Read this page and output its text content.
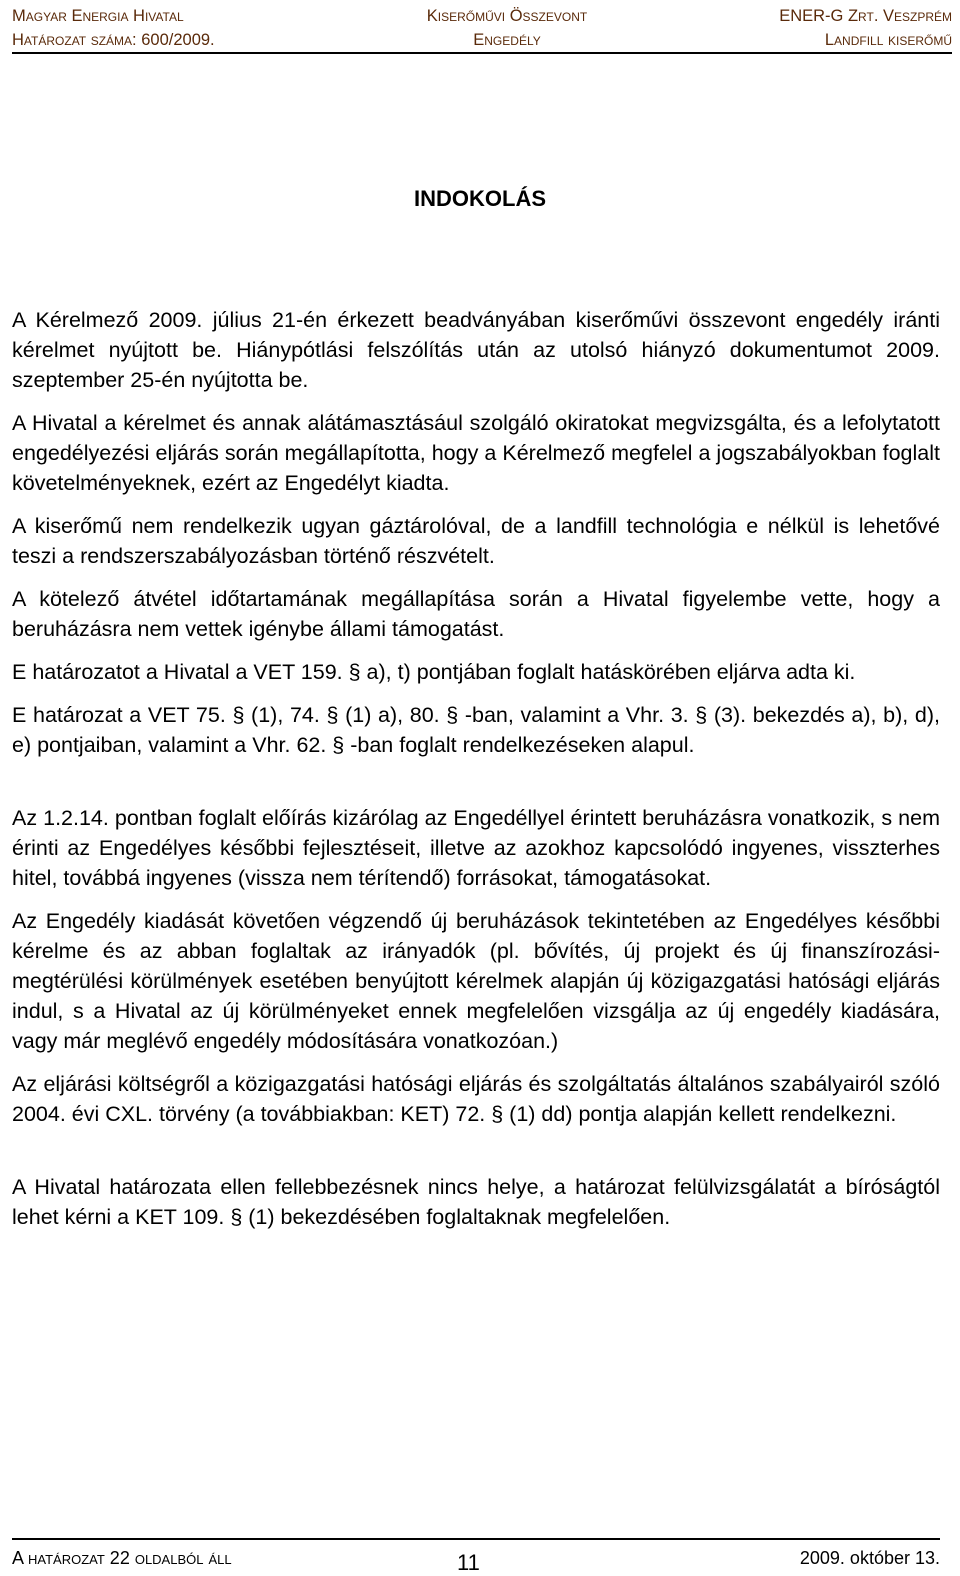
Magyar Energia Hivatal
Határozat száma: 600/2009.
Kiserőművi Összevont
Engedély
ENER-G Zrt. Veszprém
Landfill kiserőmű
INDOKOLÁS

A Kérelmező 2009. július 21-én érkezett beadványában kiserőművi összevont engedély iránti kérelmet nyújtott be. Hiánypótlási felszólítás után az utolsó hiányzó dokumentumot 2009. szeptember 25-én nyújtotta be.

A Hivatal a kérelmet és annak alátámasztásául szolgáló okiratokat megvizsgálta, és a lefolytatott engedélyezési eljárás során megállapította, hogy a Kérelmező megfelel a jogszabályokban foglalt követelményeknek, ezért az Engedélyt kiadta.

A kiserőmű nem rendelkezik ugyan gáztárolóval, de a landfill technológia e nélkül is lehetővé teszi a rendszerszabályozásban történő részvételt.

A kötelező átvétel időtartamának megállapítása során a Hivatal figyelembe vette, hogy a beruházásra nem vettek igénybe állami támogatást.

E határozatot a Hivatal a VET 159. § a), t) pontjában foglalt hatáskörében eljárva adta ki.

E határozat a VET 75. § (1), 74. § (1) a), 80. § -ban, valamint a Vhr. 3. § (3). bekezdés a), b), d), e) pontjaiban, valamint a Vhr. 62. § -ban foglalt rendelkezéseken alapul.

Az 1.2.14. pontban foglalt előírás kizárólag az Engedéllyel érintett beruházásra vonatkozik, s nem érinti az Engedélyes későbbi fejlesztéseit, illetve az azokhoz kapcsolódó ingyenes, visszterhes hitel, továbbá ingyenes (vissza nem térítendő) forrásokat, támogatásokat.

Az Engedély kiadását követően végzendő új beruházások tekintetében az Engedélyes későbbi kérelme és az abban foglaltak az irányadók (pl. bővítés, új projekt és új finanszírozási-megtérülési körülmények esetében benyújtott kérelmek alapján új közigazgatási hatósági eljárás indul, s a Hivatal az új körülményeket ennek megfelelően vizsgálja az új engedély kiadására, vagy már meglévő engedély módosítására vonatkozóan.)

Az eljárási költségről a közigazgatási hatósági eljárás és szolgáltatás általános szabályairól szóló 2004. évi CXL. törvény (a továbbiakban: KET) 72. § (1) dd) pontja alapján kellett rendelkezni.

A Hivatal határozata ellen fellebbezésnek nincs helye, a határozat felülvizsgálatát a bíróságtól lehet kérni a KET 109. § (1) bekezdésében foglaltaknak megfelelően.

A határozat 22 oldalból áll	11	2009. október 13.
